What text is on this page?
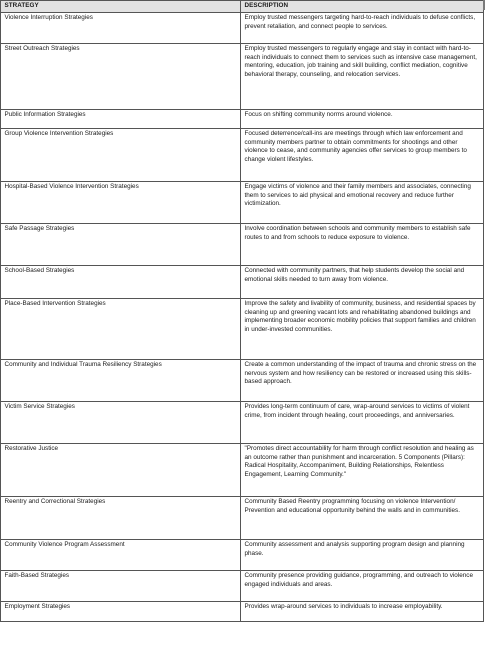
STRATEGY	DESCRIPTION
Violence Interruption Strategies	Employ trusted messengers targeting hard-to-reach individuals to defuse conflicts, prevent retaliation, and connect people to services.
Street Outreach Strategies	Employ trusted messengers to regularly engage and stay in contact with hard-to-reach individuals to connect them to services such as intensive case management, mentoring, education, job training and skill building, conflict mediation, cognitive behavioral therapy, counseling, and relocation services.
Public Information Strategies	Focus on shifting community norms around violence.
Group Violence Intervention Strategies	Focused deterrence/call-ins are meetings through which law enforcement and community members partner to obtain commitments for shootings and other violence to cease, and community agencies offer services to group members to change violent lifestyles.
Hospital-Based Violence Intervention Strategies	Engage victims of violence and their family members and associates, connecting them to services to aid physical and emotional recovery and reduce further victimization.
Safe Passage Strategies	Involve coordination between schools and community members to establish safe routes to and from schools to reduce exposure to violence.
School-Based Strategies	Connected with community partners, that help students develop the social and emotional skills needed to turn away from violence.
Place-Based Intervention Strategies	Improve the safety and livability of community, business, and residential spaces by cleaning up and greening vacant lots and rehabilitating abandoned buildings and implementing broader economic mobility policies that support families and children in under-invested communities.
Community and Individual Trauma Resiliency Strategies	Create a common understanding of the impact of trauma and chronic stress on the nervous system and how resiliency can be restored or increased using this skills-based approach.
Victim Service Strategies	Provides long-term continuum of care, wrap-around services to victims of violent crime, from incident through healing, court proceedings, and anniversaries.
Restorative Justice	"Promotes direct accountability for harm through conflict resolution and healing as an outcome rather than punishment and incarceration. 5 Components (Pillars): Radical Hospitality, Accompaniment, Building Relationships, Relentless Engagement, Learning Community."
Reentry and Correctional Strategies	Community Based Reentry programming focusing on violence Intervention/ Prevention and educational opportunity behind the walls and in communities.
Community Violence Program Assessment	Community assessment and analysis supporting program design and planning phase.
Faith-Based Strategies	Community presence providing guidance, programming, and outreach to violence engaged individuals and areas.
Employment Strategies	Provides wrap-around services to individuals to increase employability.
